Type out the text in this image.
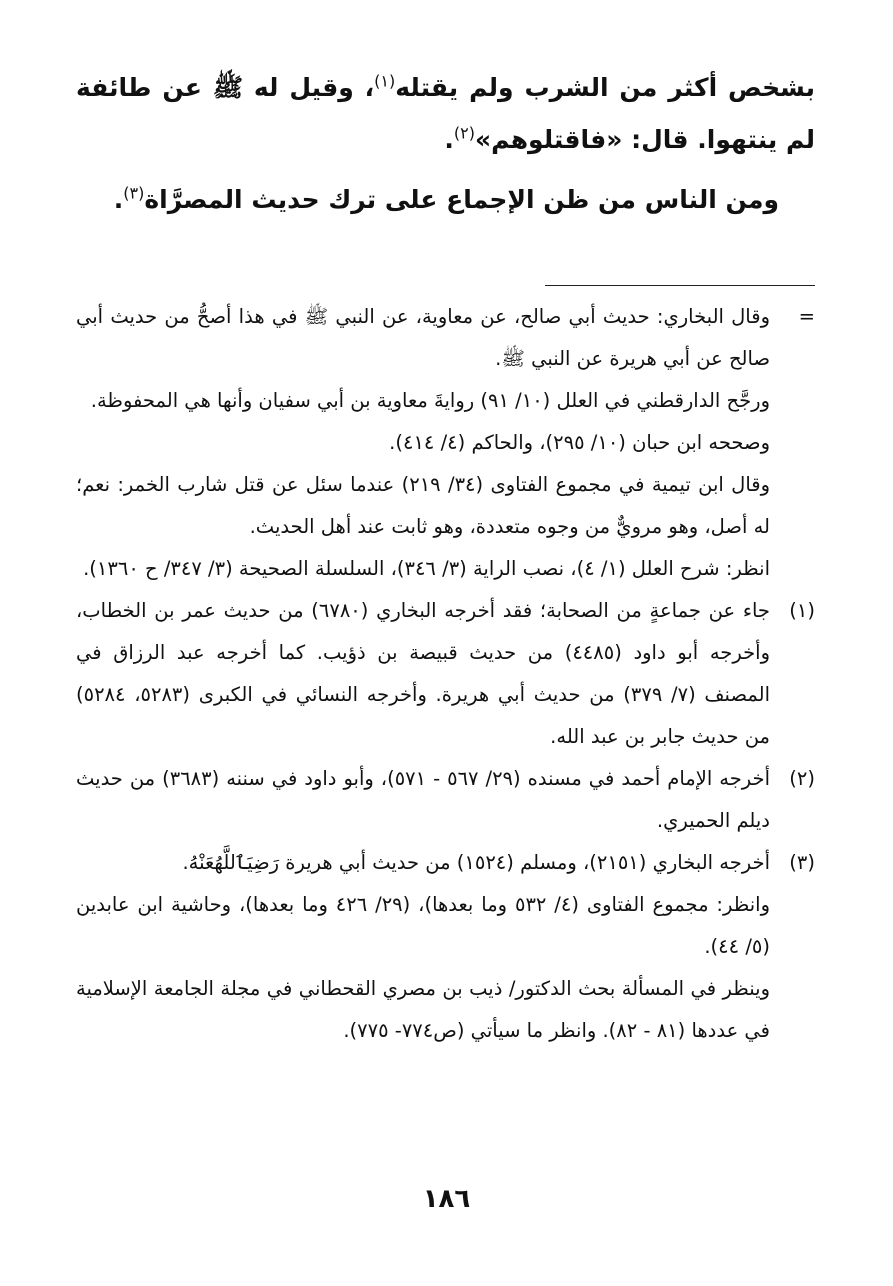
بشخص أكثر من الشرب ولم يقتله$^{(١)}$، وقيل له ﷺ عن طائفة لم ينتهوا. قال: «فاقتلوهم»$^{(٢)}$.

ومن الناس من ظن الإجماع على ترك حديث المصرَّاة$^{(٣)}$.

=

وقال البخاري: حديث أبي صالح، عن معاوية، عن النبي ﷺ في هذا أصحُّ من حديث أبي صالح عن أبي هريرة عن النبي ﷺ.

ورجَّح الدارقطني في العلل (١٠/ ٩١) روايةَ معاوية بن أبي سفيان وأنها هي المحفوظة.

وصححه ابن حبان (١٠/ ٢٩٥)، والحاكم (٤/ ٤١٤).

وقال ابن تيمية في مجموع الفتاوى (٣٤/ ٢١٩) عندما سئل عن قتل شارب الخمر: نعم؛ له أصل، وهو مرويٌّ من وجوه متعددة، وهو ثابت عند أهل الحديث.

انظر: شرح العلل (١/ ٤)، نصب الراية (٣/ ٣٤٦)، السلسلة الصحيحة (٣/ ٣٤٧/ ح ١٣٦٠).

(١)

جاء عن جماعةٍ من الصحابة؛ فقد أخرجه البخاري (٦٧٨٠) من حديث عمر بن الخطاب، وأخرجه أبو داود (٤٤٨٥) من حديث قبيصة بن ذؤيب. كما أخرجه عبد الرزاق في المصنف (٧/ ٣٧٩) من حديث أبي هريرة. وأخرجه النسائي في الكبرى (٥٢٨٣، ٥٢٨٤) من حديث جابر بن عبد الله.

(٢)

أخرجه الإمام أحمد في مسنده (٢٩/ ٥٦٧ - ٥٧١)، وأبو داود في سننه (٣٦٨٣) من حديث ديلم الحميري.

(٣)

أخرجه البخاري (٢١٥١)، ومسلم (١٥٢٤) من حديث أبي هريرة رَضِيَٱللَّهُعَنْهُ.

وانظر: مجموع الفتاوى (٤/ ٥٣٢ وما بعدها)، (٢٩/ ٤٢٦ وما بعدها)، وحاشية ابن عابدين (٥/ ٤٤).

وينظر في المسألة بحث الدكتور/ ذيب بن مصري القحطاني في مجلة الجامعة الإسلامية في عددها (٨١ - ٨٢). وانظر ما سيأتي (ص٧٧٤- ٧٧٥).

١٨٦
